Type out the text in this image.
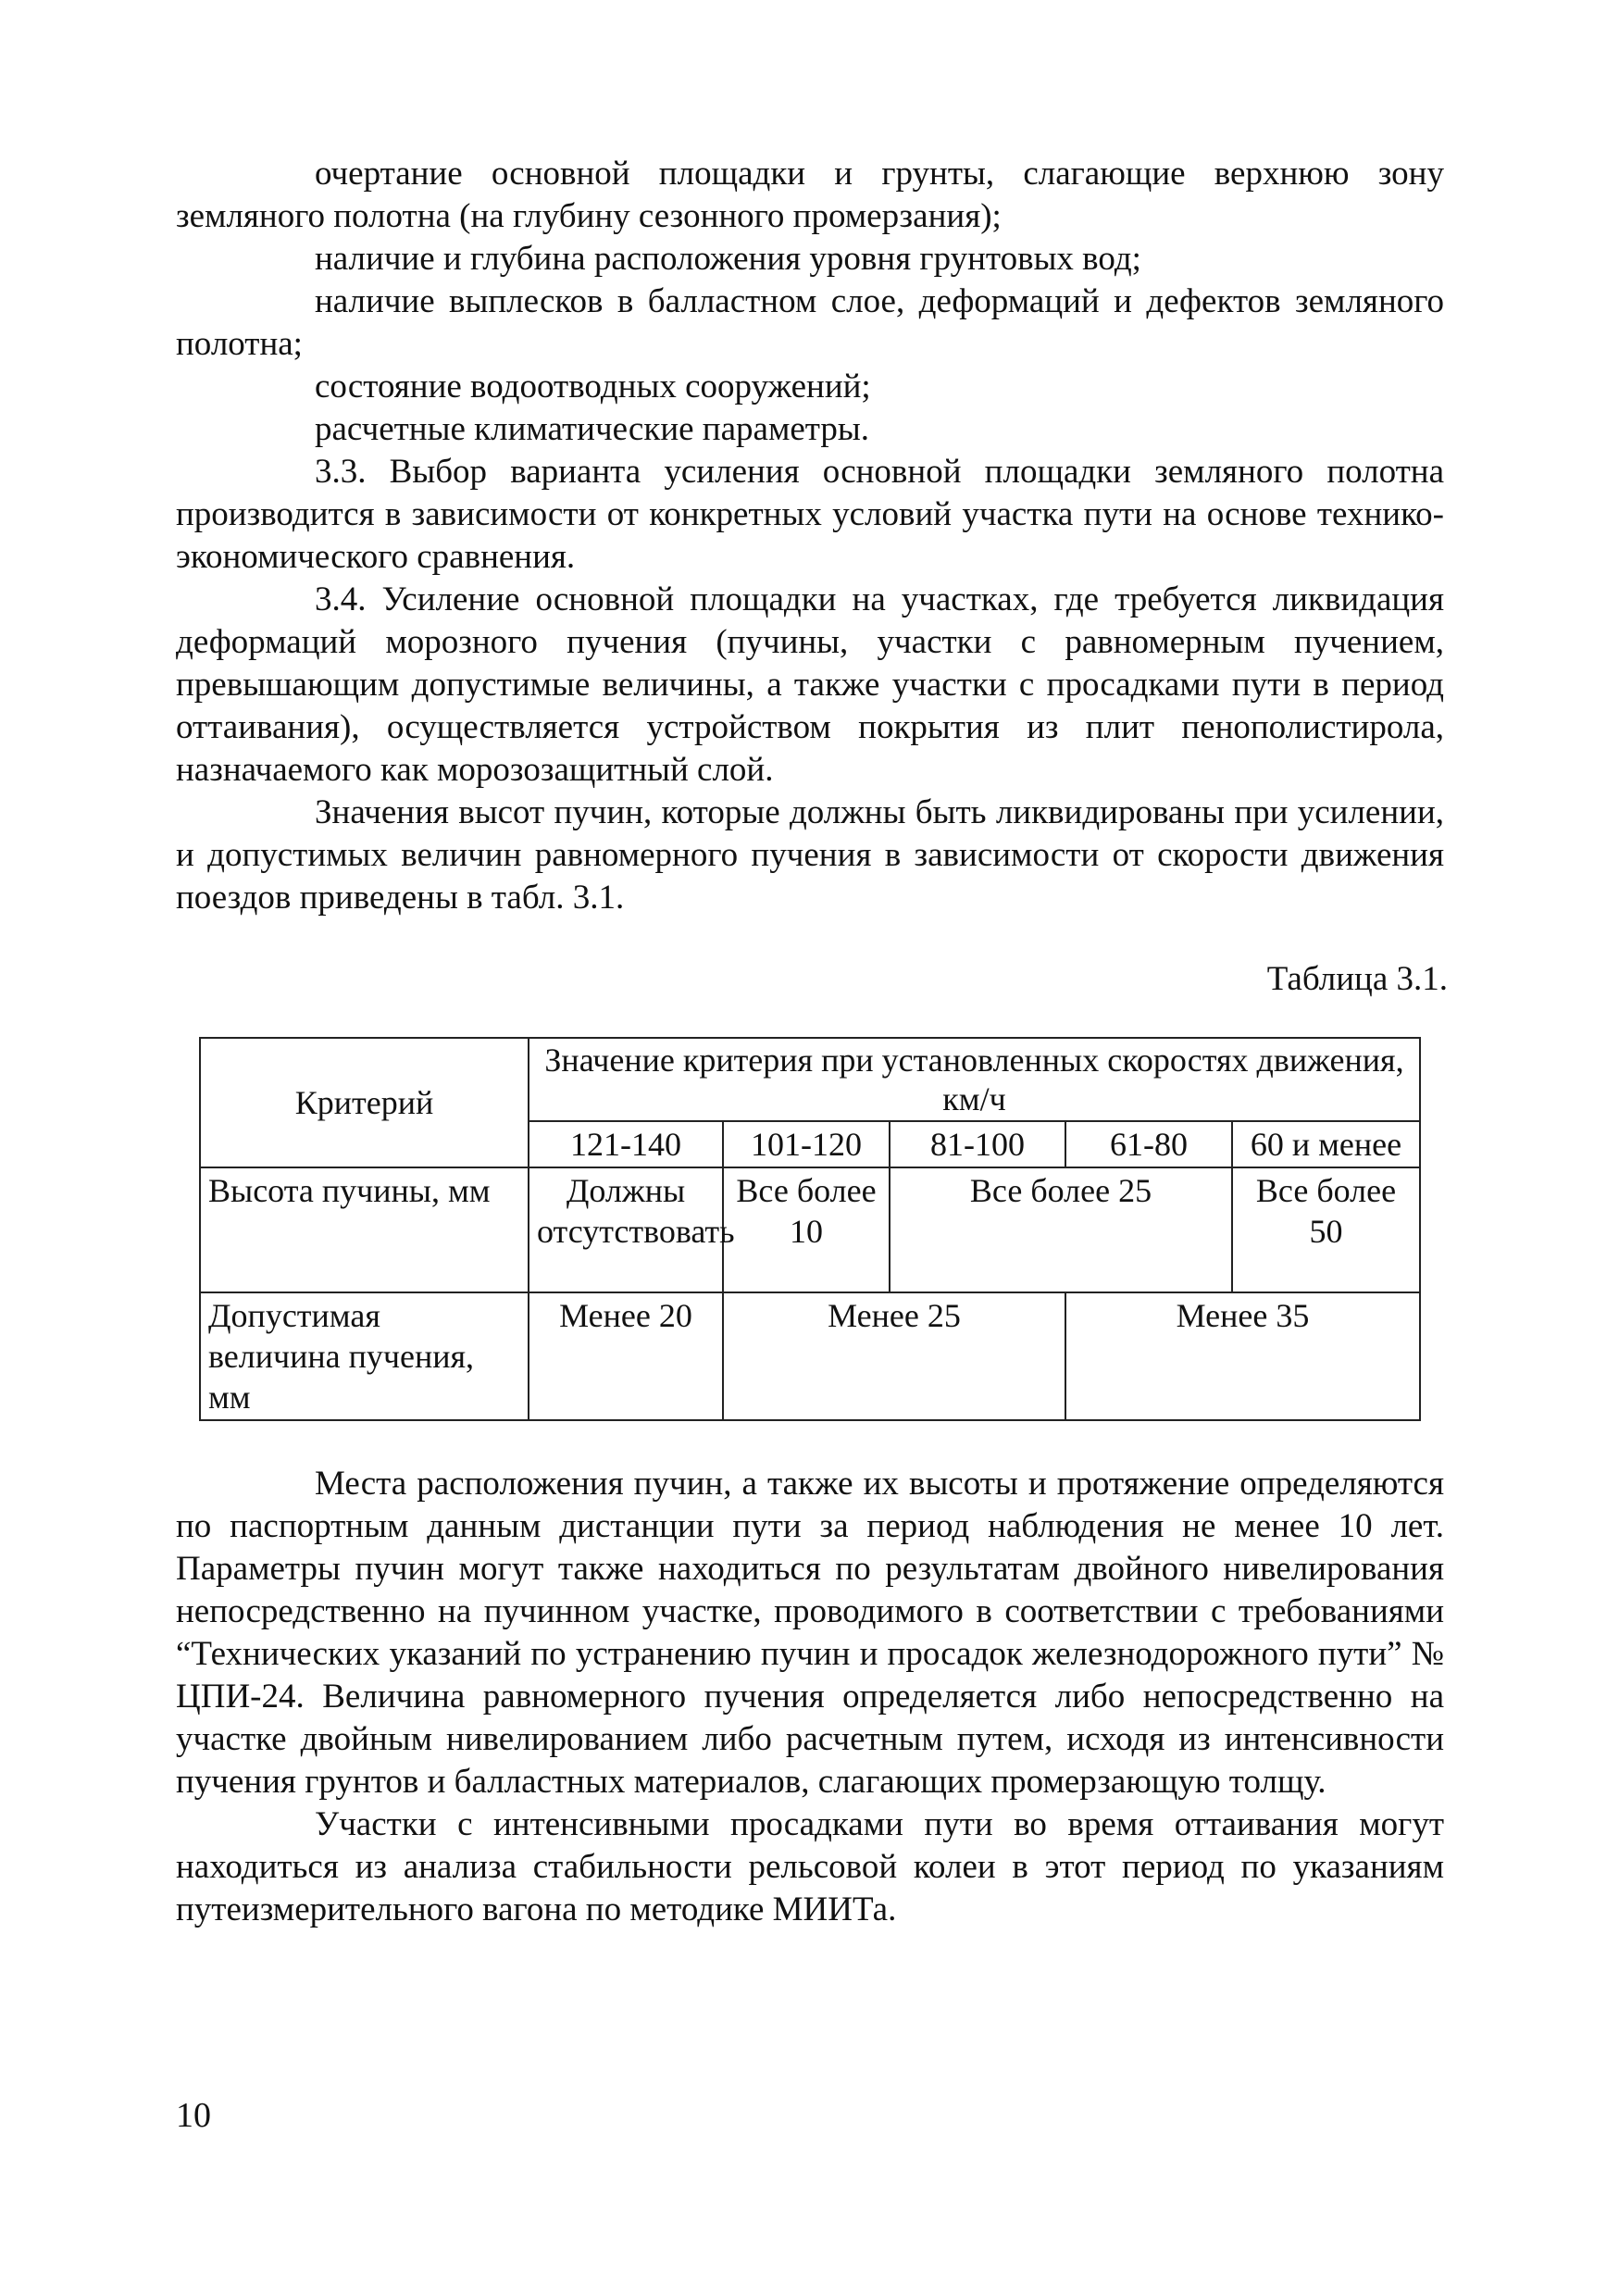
очертание основной площадки и грунты, слагающие верхнюю зону земляного полотна (на глубину сезонного промерзания);

наличие и глубина расположения уровня грунтовых вод;

наличие выплесков в балластном слое, деформаций и дефектов земляного полотна;

состояние водоотводных сооружений;

расчетные климатические параметры.

3.3. Выбор варианта усиления основной площадки земляного полотна производится в зависимости от конкретных условий участка пути на основе технико-экономического сравнения.

3.4. Усиление основной площадки на участках, где требуется ликвидация деформаций морозного пучения (пучины, участки с равномерным пучением, превышающим допустимые величины, а также участки с просадками пути в период оттаивания), осуществляется устройством покрытия из плит пенополистирола, назначаемого как морозозащитный слой.

Значения высот пучин, которые должны быть ликвидированы при усилении, и допустимых величин равномерного пучения в зависимости от скорости движения поездов приведены в табл. 3.1.

Таблица 3.1.
Критерий	Значение критерия при установленных скоростях движения, км/ч				
	121-140	101-120	81-100	61-80	60 и менее
Высота пучины, мм	Должны отсутствовать	Все более 10	Все более 25		Все более 50
Допустимая величина пучения, мм	Менее 20	Менее 25		Менее 35	

Места расположения пучин, а также их высоты и протяжение определяются по паспортным данным дистанции пути за период наблюдения не менее 10 лет. Параметры пучин могут также находиться по результатам двойного нивелирования непосредственно на пучинном участке, проводимого в соответствии с требованиями “Технических указаний по устранению пучин и просадок железнодорожного пути” № ЦПИ-24. Величина равномерного пучения определяется либо непосредственно на участке двойным нивелированием либо расчетным путем, исходя из интенсивности пучения грунтов и балластных материалов, слагающих промерзающую толщу.

Участки с интенсивными просадками пути во время оттаивания могут находиться из анализа стабильности рельсовой колеи в этот период по указаниям путеизмерительного вагона по методике МИИТа.

10
